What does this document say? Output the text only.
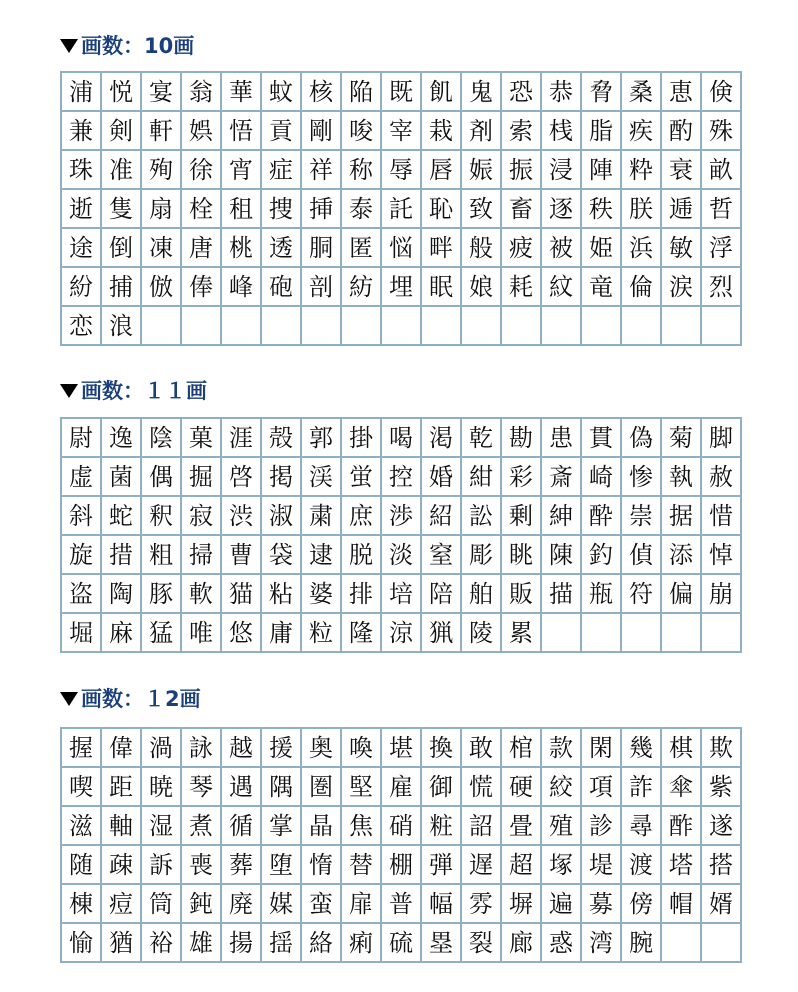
画数： 10画
浦 悦 宴 翁 華 蚊 核 陥 既 飢 鬼 恐 恭 脅 桑 恵 倹
兼 剣 軒 娯 悟 貢 剛 唆 宰 栽 剤 索 桟 脂 疾 酌 殊
珠 准 殉 徐 宵 症 祥 称 辱 唇 娠 振 浸 陣 粋 衰 畝
逝 隻 扇 栓 租 捜 挿 泰 託 恥 致 畜 逐 秩 朕 逓 哲
途 倒 凍 唐 桃 透 胴 匿 悩 畔 般 疲 被 姫 浜 敏 浮
紛 捕 倣 俸 峰 砲 剖 紡 埋 眠 娘 耗 紋 竜 倫 涙 烈
恋 浪
画数： １１画
尉 逸 陰 菓 涯 殻 郭 掛 喝 渇 乾 勘 患 貫 偽 菊 脚
虚 菌 偶 掘 啓 掲 渓 蛍 控 婚 紺 彩 斎 崎 惨 執 赦
斜 蛇 釈 寂 渋 淑 粛 庶 渉 紹 訟 剰 紳 酔 崇 据 惜
旋 措 粗 掃 曹 袋 逮 脱 淡 窒 彫 眺 陳 釣 偵 添 悼
盗 陶 豚 軟 猫 粘 婆 排 培 陪 舶 販 描 瓶 符 偏 崩
堀 麻 猛 唯 悠 庸 粒 隆 涼 猟 陵 累
画数： １2画
握 偉 渦 詠 越 援 奥 喚 堪 換 敢 棺 款 閑 幾 棋 欺
喫 距 暁 琴 遇 隅 圏 堅 雇 御 慌 硬 絞 項 詐 傘 紫
滋 軸 湿 煮 循 掌 晶 焦 硝 粧 詔 畳 殖 診 尋 酢 遂
随 疎 訴 喪 葬 堕 惰 替 棚 弾 遅 超 塚 堤 渡 塔 搭
棟 痘 筒 鈍 廃 媒 蛮 扉 普 幅 雰 塀 遍 募 傍 帽 婿
愉 猶 裕 雄 揚 揺 絡 痢 硫 塁 裂 廊 惑 湾 腕
